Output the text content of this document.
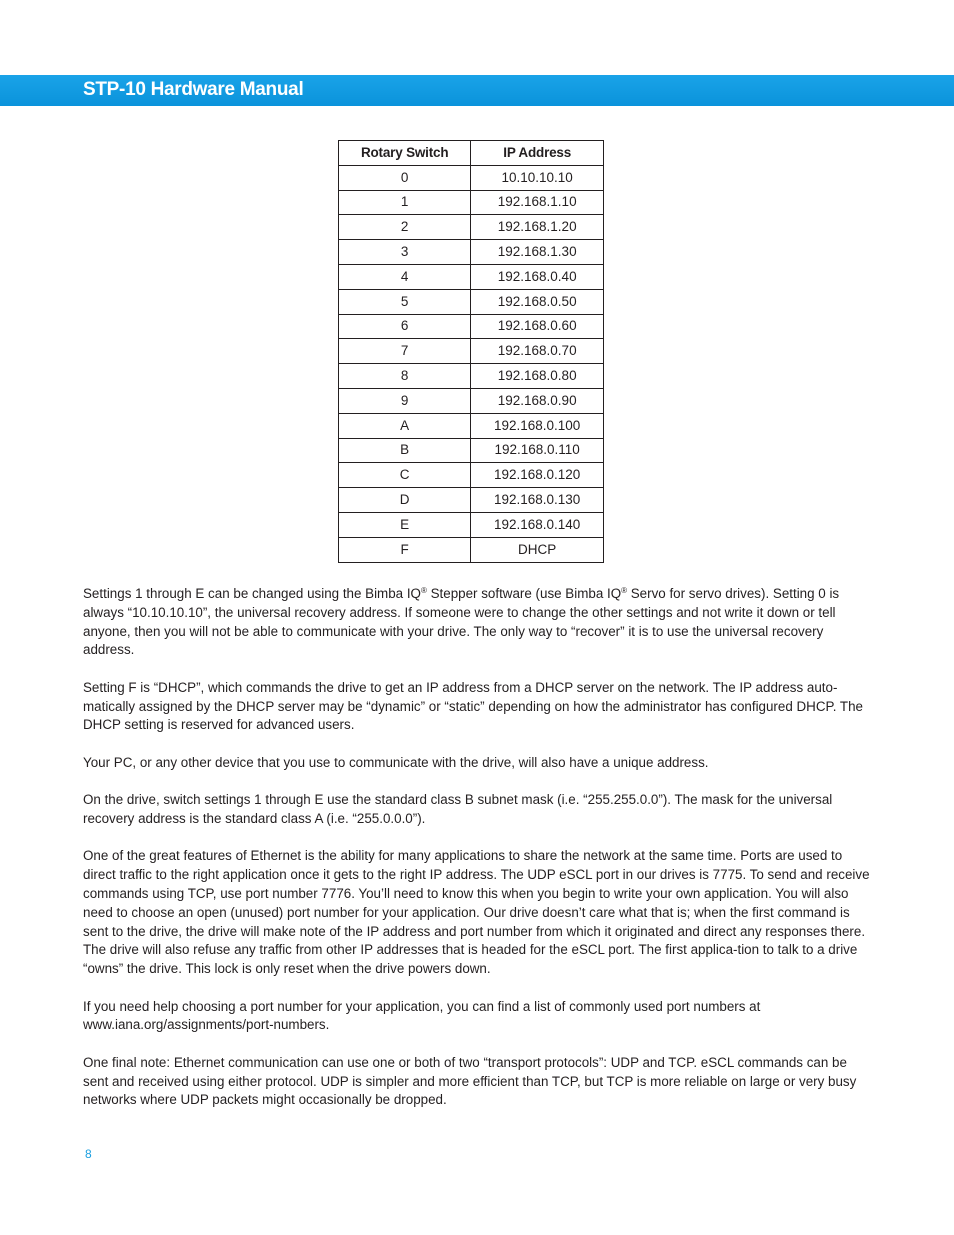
STP-10 Hardware Manual
Rotary Switch	IP Address
0	10.10.10.10
1	192.168.1.10
2	192.168.1.20
3	192.168.1.30
4	192.168.0.40
5	192.168.0.50
6	192.168.0.60
7	192.168.0.70
8	192.168.0.80
9	192.168.0.90
A	192.168.0.100
B	192.168.0.110
C	192.168.0.120
D	192.168.0.130
E	192.168.0.140
F	DHCP

Settings 1 through E can be changed using the Bimba IQ® Stepper software (use Bimba IQ® Servo for servo drives). Setting 0 is always “10.10.10.10”, the universal recovery address. If someone were to change the other settings and not write it down or tell anyone, then you will not be able to communicate with your drive. The only way to “recover” it is to use the universal recovery address.

Setting F is “DHCP”, which commands the drive to get an IP address from a DHCP server on the network. The IP address auto-matically assigned by the DHCP server may be “dynamic” or “static” depending on how the administrator has configured DHCP. The DHCP setting is reserved for advanced users.

Your PC, or any other device that you use to communicate with the drive, will also have a unique address.

On the drive, switch settings 1 through E use the standard class B subnet mask (i.e. “255.255.0.0”). The mask for the universal recovery address is the standard class A (i.e. “255.0.0.0”).

One of the great features of Ethernet is the ability for many applications to share the network at the same time. Ports are used to direct traffic to the right application once it gets to the right IP address. The UDP eSCL port in our drives is 7775. To send and receive commands using TCP, use port number 7776. You’ll need to know this when you begin to write your own application. You will also need to choose an open (unused) port number for your application. Our drive doesn’t care what that is; when the first command is sent to the drive, the drive will make note of the IP address and port number from which it originated and direct any responses there. The drive will also refuse any traffic from other IP addresses that is headed for the eSCL port. The first applica-tion to talk to a drive “owns” the drive. This lock is only reset when the drive powers down.

If you need help choosing a port number for your application, you can find a list of commonly used port numbers at www.iana.org/assignments/port-numbers.

One final note: Ethernet communication can use one or both of two “transport protocols”: UDP and TCP. eSCL commands can be sent and received using either protocol. UDP is simpler and more efficient than TCP, but TCP is more reliable on large or very busy networks where UDP packets might occasionally be dropped.

8
